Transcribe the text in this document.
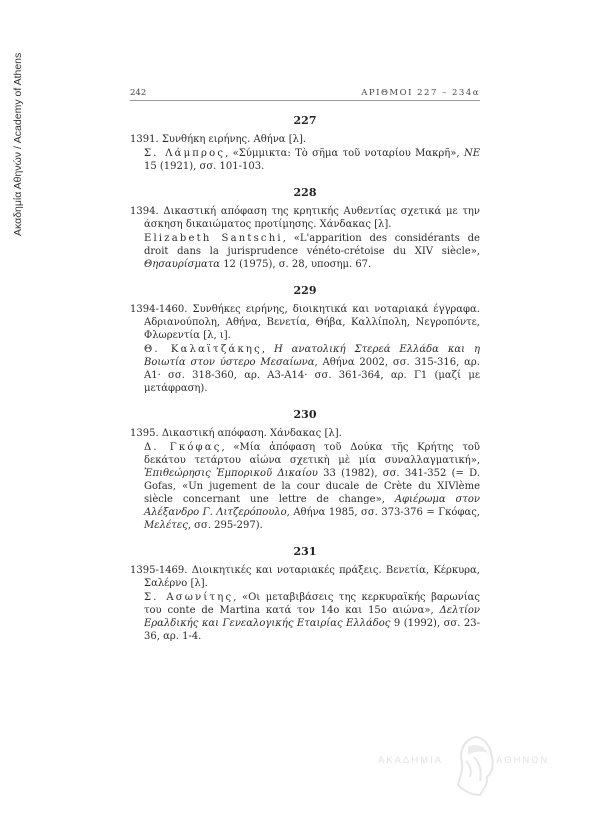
Ακαδημία Αθηνών / Academy of Athens	242	ΑΡΙΘΜΟΙ 227 – 234α
227
1391. Συνθήκη ειρήνης. Αθήνα [λ].
Σ. Λάμπρος, «Σύμμικτα: Τὸ σῆμα τοῦ νοταρίου Μακρῆ», ΝΕ 15 (1921), σσ. 101-103.
228
1394. Δικαστική απόφαση της κρητικής Αυθεντίας σχετικά με την άσκηση δικαιώματος προτίμησης. Χάνδακας [λ].
Elizabeth Santschi, «L'apparition des considérants de droit dans la jurisprudence vénéto-crétoise du XIV siècle», Θησαυρίσματα 12 (1975), σ. 28, υποσημ. 67.
229
1394-1460. Συνθήκες ειρήνης, διοικητικά και νοταριακά έγγραφα. Αδριανούπολη, Αθήνα, Βενετία, Θήβα, Καλλίπολη, Νεγροπόντε, Φλωρεντία [λ, ι].
Θ. Καλαϊτζάκης, Η ανατολική Στερεά Ελλάδα και η Βοιωτία στον ύστερο Μεσαίωνα, Αθήνα 2002, σσ. 315-316, αρ. Α1· σσ. 318-360, αρ. Α3-Α14· σσ. 361-364, αρ. Γ1 (μαζί με μετάφραση).
230
1395. Δικαστική απόφαση. Χάνδακας [λ].
Δ. Γκόφας, «Μία ἀπόφαση τοῦ Δούκα τῆς Κρήτης τοῦ δεκάτου τετάρτου αἰώνα σχετικὴ μὲ μία συναλλαγματική», Ἐπιθεώρησις Ἐμπορικοῦ Δικαίου 33 (1982), σσ. 341-352 (= D. Gofas, «Un jugement de la cour ducale de Crète du XIVlème siècle concernant une lettre de change», Αφιέρωμα στον Αλέξανδρο Γ. Λιτζερόπουλο, Αθήνα 1985, σσ. 373-376 = Γκόφας, Μελέτες, σσ. 295-297).
231
1395-1469. Διοικητικές και νοταριακές πράξεις. Βενετία, Κέρκυρα, Σαλέρνο [λ].
Σ. Ασωνίτης, «Οι μεταβιβάσεις της κερκυραϊκής βαρωνίας του conte de Martina κατά τον 14ο και 15ο αιώνα», Δελτίον Εραλδικής και Γενεαλογικής Εταιρίας Ελλάδος 9 (1992), σσ. 23-36, αρ. 1-4.
ΑΚΑΔΗΜΙΑ	ΑΘΗΝΩΝ
